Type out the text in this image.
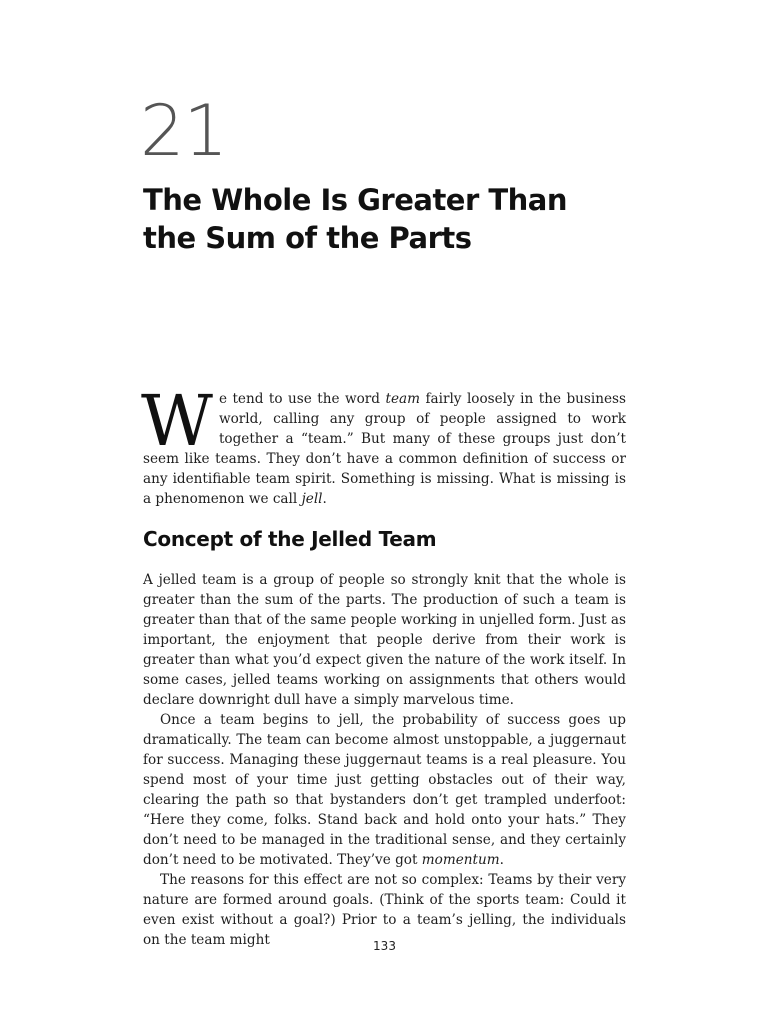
21
The Whole Is Greater Than
the Sum of the Parts

We tend to use the word team fairly loosely in the business world, calling any group of people assigned to work together a “team.” But many of these groups just don’t seem like teams. They don’t have a common definition of success or any identifiable team spirit. Something is missing. What is missing is a phenomenon we call jell.

Concept of the Jelled Team

A jelled team is a group of people so strongly knit that the whole is greater than the sum of the parts. The production of such a team is greater than that of the same people working in unjelled form. Just as important, the enjoyment that people derive from their work is greater than what you’d expect given the nature of the work itself. In some cases, jelled teams working on assignments that others would declare downright dull have a simply marvelous time.

Once a team begins to jell, the probability of success goes up dramatically. The team can become almost unstoppable, a juggernaut for success. Managing these juggernaut teams is a real pleasure. You spend most of your time just getting obstacles out of their way, clearing the path so that bystanders don’t get trampled underfoot: “Here they come, folks. Stand back and hold onto your hats.” They don’t need to be managed in the traditional sense, and they certainly don’t need to be motivated. They’ve got momentum.

The reasons for this effect are not so complex: Teams by their very nature are formed around goals. (Think of the sports team: Could it even exist without a goal?) Prior to a team’s jelling, the individuals on the team might	133
